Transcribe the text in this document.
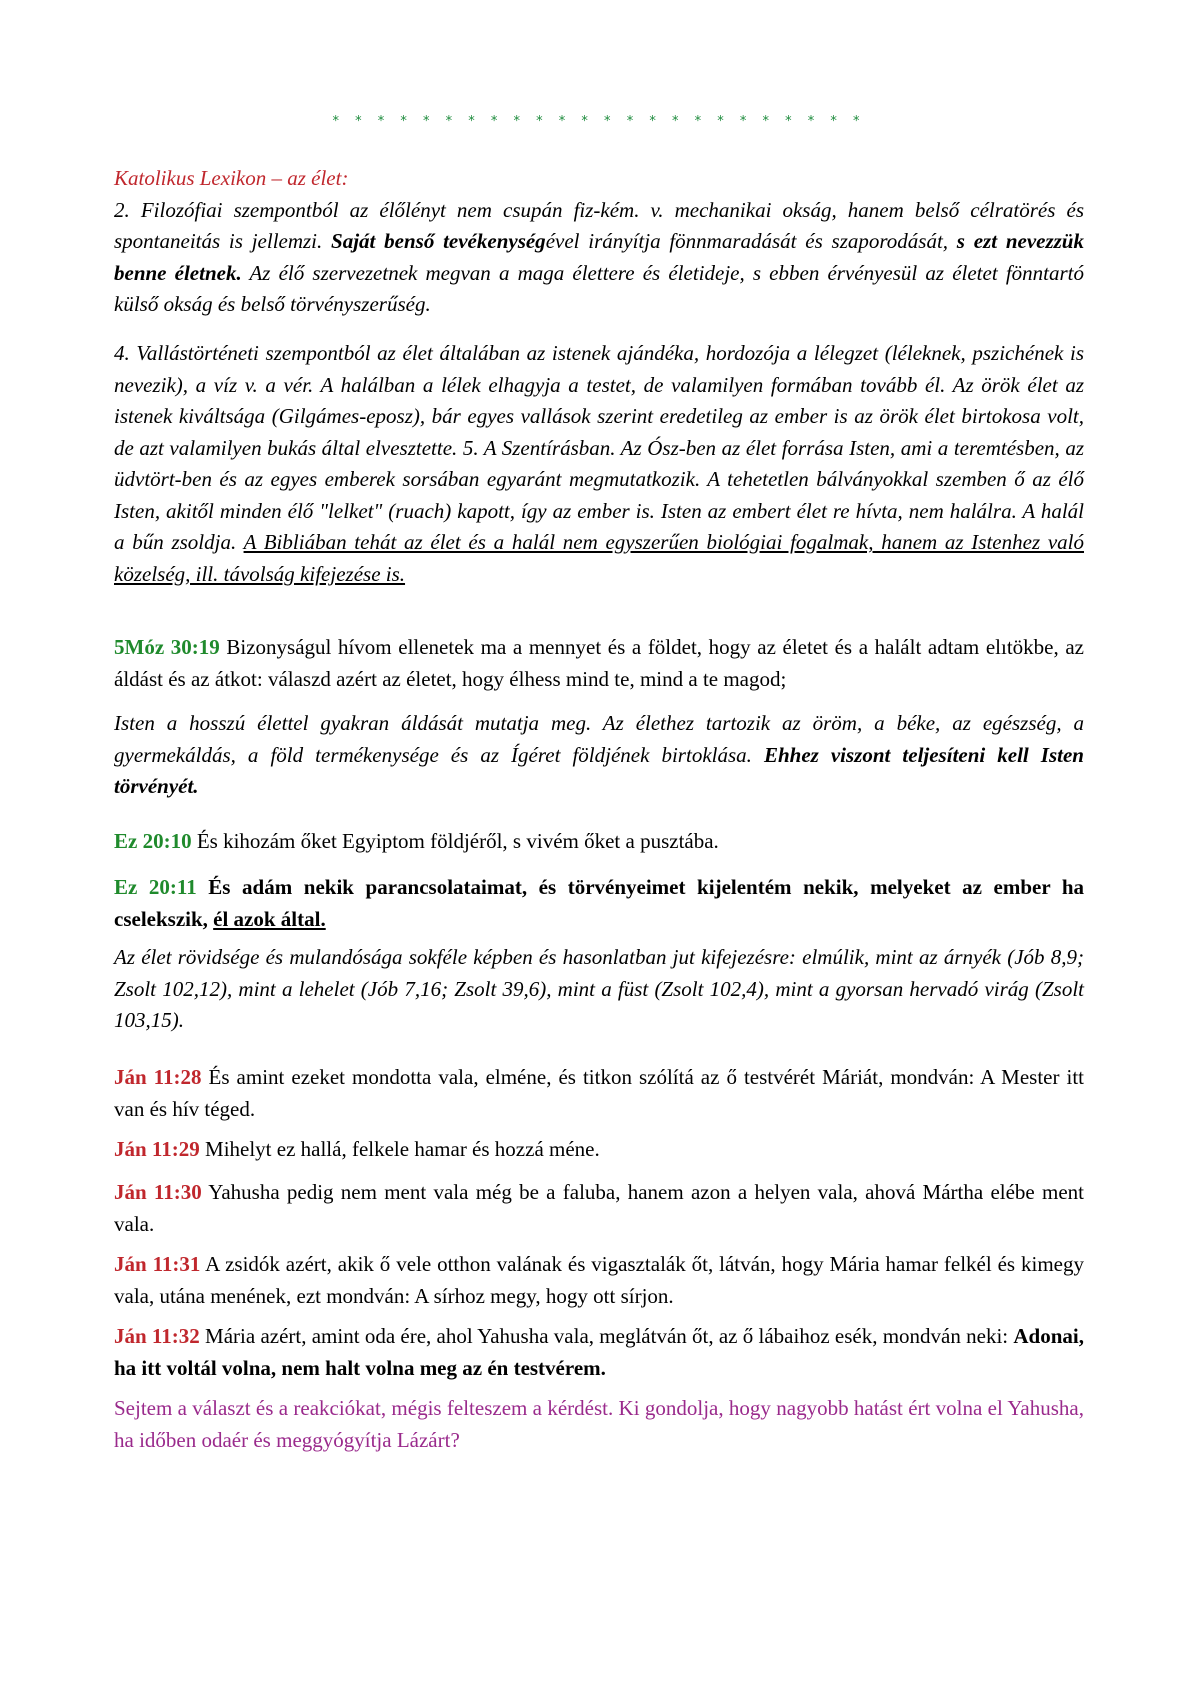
* * * * * * * * * * * * * * * * * * * * * * * *
Katolikus Lexikon – az élet:
2. Filozófiai szempontból az élőlényt nem csupán fiz-kém. v. mechanikai okság, hanem belső célratörés és spontaneitás is jellemzi. Saját benső tevékenységével irányítja fönnmaradását és szaporodását, s ezt nevezzük benne életnek. Az élő szervezetnek megvan a maga élettere és életideje, s ebben érvényesül az életet fönntartó külső okság és belső törvényszerűség.
4. Vallástörténeti szempontból az élet általában az istenek ajándéka, hordozója a lélegzet (léleknek, pszichének is nevezik), a víz v. a vér. A halálban a lélek elhagyja a testet, de valamilyen formában tovább él. Az örök élet az istenek kiváltsága (Gilgámes-eposz), bár egyes vallások szerint eredetileg az ember is az örök élet birtokosa volt, de azt valamilyen bukás által elvesztette. 5. A Szentírásban. Az Ósz-ben az élet forrása Isten, ami a teremtésben, az üdvtört-ben és az egyes emberek sorsában egyaránt megmutatkozik. A tehetetlen bálványokkal szemben ő az élő Isten, akitől minden élő "lelket" (ruach) kapott, így az ember is. Isten az embert élet re hívta, nem halálra. A halál a bűn zsoldja. A Bibliában tehát az élet és a halál nem egyszerűen biológiai fogalmak, hanem az Istenhez való közelség, ill. távolság kifejezése is.
5Móz 30:19 Bizonyságul hívom ellenetek ma a mennyet és a földet, hogy az életet és a halált adtam elıtökbe, az áldást és az átkot: válaszd azért az életet, hogy élhess mind te, mind a te magod;
Isten a hosszú élettel gyakran áldását mutatja meg. Az élethez tartozik az öröm, a béke, az egészség, a gyermekáldás, a föld termékenysége és az Ígéret földjének birtoklása. Ehhez viszont teljesíteni kell Isten törvényét.
Ez 20:10 És kihozám őket Egyiptom földjéről, s vivém őket a pusztába.
Ez 20:11 És adám nekik parancsolataimat, és törvényeimet kijelentém nekik, melyeket az ember ha cselekszik, él azok által.
Az élet rövidsége és mulandósága sokféle képben és hasonlatban jut kifejezésre: elmúlik, mint az árnyék (Jób 8,9; Zsolt 102,12), mint a lehelet (Jób 7,16; Zsolt 39,6), mint a füst (Zsolt 102,4), mint a gyorsan hervadó virág (Zsolt 103,15).
Ján 11:28 És amint ezeket mondotta vala, elméne, és titkon szólítá az ő testvérét Máriát, mondván: A Mester itt van és hív téged.
Ján 11:29 Mihelyt ez hallá, felkele hamar és hozzá méne.
Ján 11:30 Yahusha pedig nem ment vala még be a faluba, hanem azon a helyen vala, ahová Mártha elébe ment vala.
Ján 11:31 A zsidók azért, akik ő vele otthon valának és vigasztalák őt, látván, hogy Mária hamar felkél és kimegy vala, utána menének, ezt mondván: A sírhoz megy, hogy ott sírjon.
Ján 11:32 Mária azért, amint oda ére, ahol Yahusha vala, meglátván őt, az ő lábaihoz esék, mondván neki: Adonai, ha itt voltál volna, nem halt volna meg az én testvérem.
Sejtem a választ és a reakciókat, mégis felteszem a kérdést. Ki gondolja, hogy nagyobb hatást ért volna el Yahusha, ha időben odaér és meggyógyítja Lázárt?
